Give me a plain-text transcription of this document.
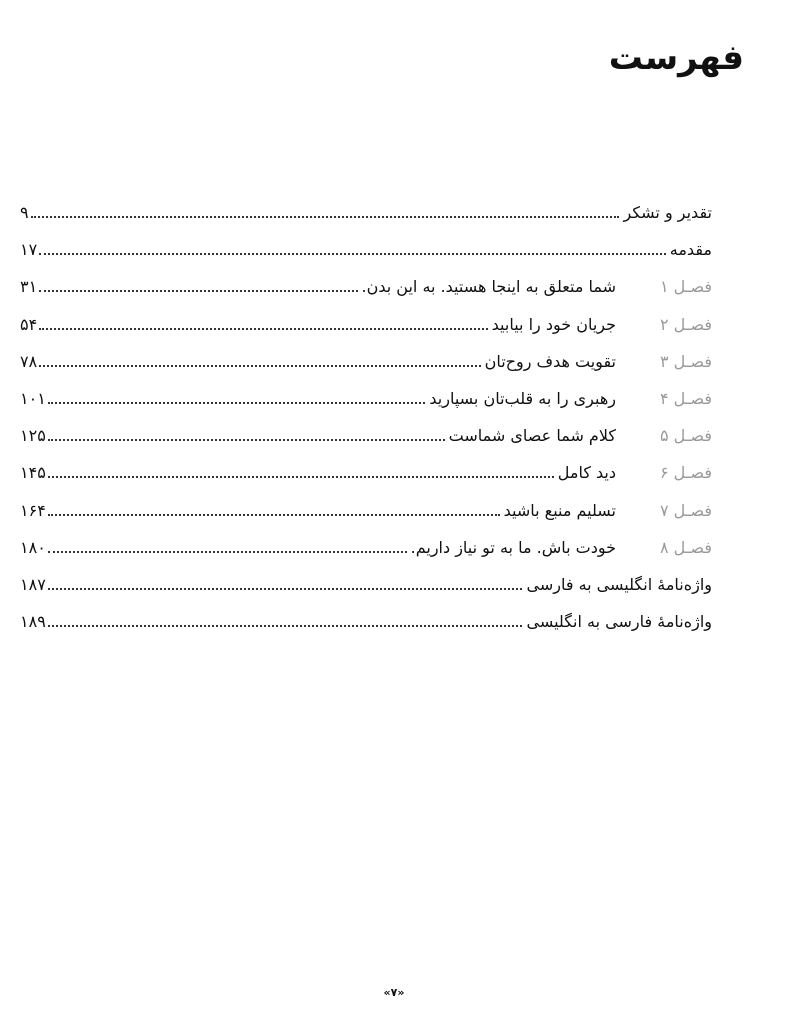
فهرست
تقدیر و تشکر
۹
مقدمه
۱۷
فصـل ۱
شما متعلق به اینجا هستید. به این بدن.
۳۱
فصـل ۲
جریان خود را بیابید
۵۴
فصـل ۳
تقویت هدف روح‌تان
۷۸
فصـل ۴
رهبری را به قلب‌تان بسپارید
۱۰۱
فصـل ۵
کلام شما عصای شماست
۱۲۵
فصـل ۶
دید کامل
۱۴۵
فصـل ۷
تسلیم منبع باشید
۱۶۴
فصـل ۸
خودت باش. ما به تو نیاز داریم.
۱۸۰
واژه‌نامهٔ انگلیسی به فارسی
۱۸۷
واژه‌نامهٔ فارسی به انگلیسی
۱۸۹
«۷»
